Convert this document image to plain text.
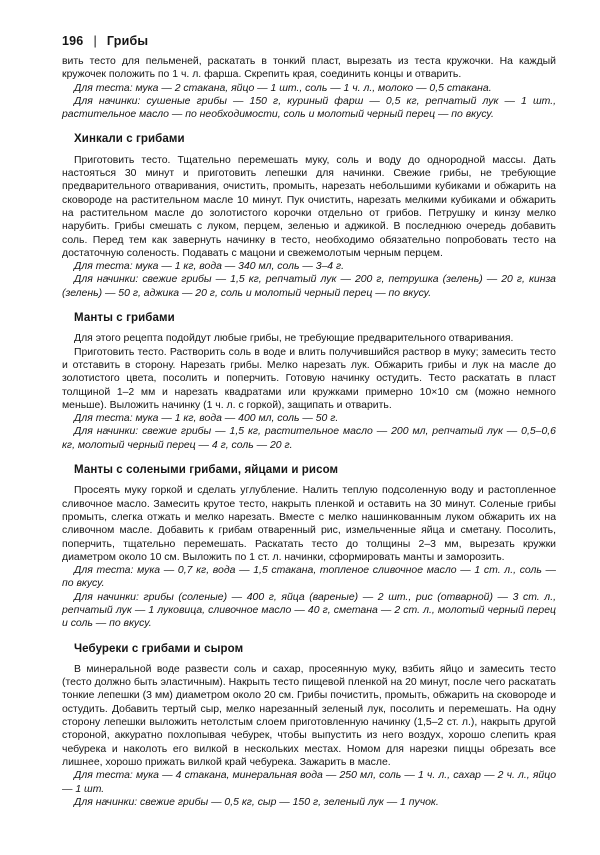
196 | Грибы

вить тесто для пельменей, раскатать в тонкий пласт, вырезать из теста кружочки. На каждый кружочек положить по 1 ч. л. фарша. Скрепить края, соединить концы и отварить.

Для теста: мука — 2 стакана, яйцо — 1 шт., соль — 1 ч. л., молоко — 0,5 стакана.

Для начинки: сушеные грибы — 150 г, куриный фарш — 0,5 кг, репчатый лук — 1 шт., растительное масло — по необходимости, соль и молотый черный перец — по вкусу.

Хинкали с грибами

Приготовить тесто. Тщательно перемешать муку, соль и воду до однородной массы. Дать настояться 30 минут и приготовить лепешки для начинки. Свежие грибы, не требующие предварительного отваривания, очистить, промыть, нарезать небольшими кубиками и обжарить на сковороде на растительном масле 10 минут. Пук очистить, нарезать мелкими кубиками и обжарить на растительном масле до золотистого корочки отдельно от грибов. Петрушку и кинзу мелко нарубить. Грибы смешать с луком, перцем, зеленью и аджикой. В последнюю очередь добавить соль. Перед тем как завернуть начинку в тесто, необходимо обязательно попробовать тесто на достаточную соленость. Подавать с мацони и свежемолотым черным перцем.

Для теста: мука — 1 кг, вода — 340 мл, соль — 3–4 г.

Для начинки: свежие грибы — 1,5 кг, репчатый лук — 200 г, петрушка (зелень) — 20 г, кинза (зелень) — 50 г, аджика — 20 г, соль и молотый черный перец — по вкусу.

Манты с грибами

Для этого рецепта подойдут любые грибы, не требующие предварительного отваривания.

Приготовить тесто. Растворить соль в воде и влить получившийся раствор в муку; замесить тесто и отставить в сторону. Нарезать грибы. Мелко нарезать лук. Обжарить грибы и лук на масле до золотистого цвета, посолить и поперчить. Готовую начинку остудить. Тесто раскатать в пласт толщиной 1–2 мм и нарезать квадратами или кружками примерно 10×10 см (можно немного меньше). Выложить начинку (1 ч. л. с горкой), защипать и отварить.

Для теста: мука — 1 кг, вода — 400 мл, соль — 50 г.

Для начинки: свежие грибы — 1,5 кг, растительное масло — 200 мл, репчатый лук — 0,5–0,6 кг, молотый черный перец — 4 г, соль — 20 г.

Манты с солеными грибами, яйцами и рисом

Просеять муку горкой и сделать углубление. Налить теплую подсоленную воду и растопленное сливочное масло. Замесить крутое тесто, накрыть пленкой и оставить на 30 минут. Соленые грибы промыть, слегка отжать и мелко нарезать. Вместе с мелко нашинкованным луком обжарить их на сливочном масле. Добавить к грибам отваренный рис, измельченные яйца и сметану. Посолить, поперчить, тщательно перемешать. Раскатать тесто до толщины 2–3 мм, вырезать кружки диаметром около 10 см. Выложить по 1 ст. л. начинки, сформировать манты и заморозить.

Для теста: мука — 0,7 кг, вода — 1,5 стакана, топленое сливочное масло — 1 ст. л., соль — по вкусу.

Для начинки: грибы (соленые) — 400 г, яйца (вареные) — 2 шт., рис (отварной) — 3 ст. л., репчатый лук — 1 луковица, сливочное масло — 40 г, сметана — 2 ст. л., молотый черный перец и соль — по вкусу.

Чебуреки с грибами и сыром

В минеральной воде развести соль и сахар, просеянную муку, взбить яйцо и замесить тесто (тесто должно быть эластичным). Накрыть тесто пищевой пленкой на 20 минут, после чего раскатать тонкие лепешки (3 мм) диаметром около 20 см. Грибы почистить, промыть, обжарить на сковороде и остудить. Добавить тертый сыр, мелко нарезанный зеленый лук, посолить и перемешать. На одну сторону лепешки выложить нетолстым слоем приготовленную начинку (1,5–2 ст. л.), накрыть другой стороной, аккуратно похлопывая чебурек, чтобы выпустить из него воздух, хорошо слепить края чебурека и наколоть его вилкой в нескольких местах. Номом для нарезки пиццы обрезать все лишнее, хорошо прижать вилкой край чебурека. Зажарить в масле.

Для теста: мука — 4 стакана, минеральная вода — 250 мл, соль — 1 ч. л., сахар — 2 ч. л., яйцо — 1 шт.

Для начинки: свежие грибы — 0,5 кг, сыр — 150 г, зеленый лук — 1 пучок.
